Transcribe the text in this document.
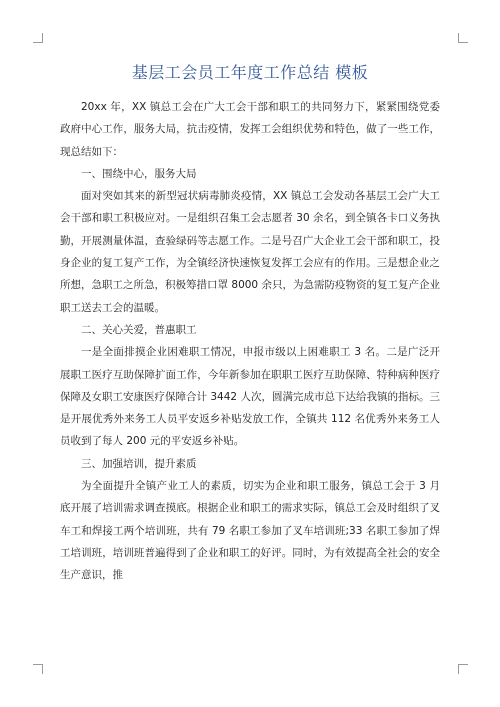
基层工会员工年度工作总结 模板

20xx 年，XX 镇总工会在广大工会干部和职工的共同努力下，紧紧围绕党委政府中心工作，服务大局，抗击疫情，发挥工会组织优势和特色，做了一些工作，现总结如下：

一、围绕中心，服务大局

面对突如其来的新型冠状病毒肺炎疫情，XX 镇总工会发动各基层工会广大工会干部和职工积极应对。一是组织召集工会志愿者 30 余名，到全镇各卡口义务执勤，开展测量体温，查验绿码等志愿工作。二是号召广大企业工会干部和职工，投身企业的复工复产工作，为全镇经济快速恢复发挥工会应有的作用。三是想企业之所想，急职工之所急，积极筹措口罩 8000 余只，为急需防疫物资的复工复产企业职工送去工会的温暖。

二、关心关爱，普惠职工

一是全面排摸企业困难职工情况，申报市级以上困难职工 3 名。二是广泛开展职工医疗互助保障扩面工作，今年新参加在职职工医疗互助保障、特种病种医疗保障及女职工安康医疗保障合计 3442 人次，圆满完成市总下达给我镇的指标。三是开展优秀外来务工人员平安返乡补贴发放工作，全镇共 112 名优秀外来务工人员收到了每人 200 元的平安返乡补贴。

三、加强培训，提升素质

为全面提升全镇产业工人的素质，切实为企业和职工服务，镇总工会于 3 月底开展了培训需求调查摸底。根据企业和职工的需求实际，镇总工会及时组织了叉车工和焊接工两个培训班，共有 79 名职工参加了叉车培训班;33 名职工参加了焊工培训班，培训班普遍得到了企业和职工的好评。同时，为有效提高全社会的安全生产意识，推
